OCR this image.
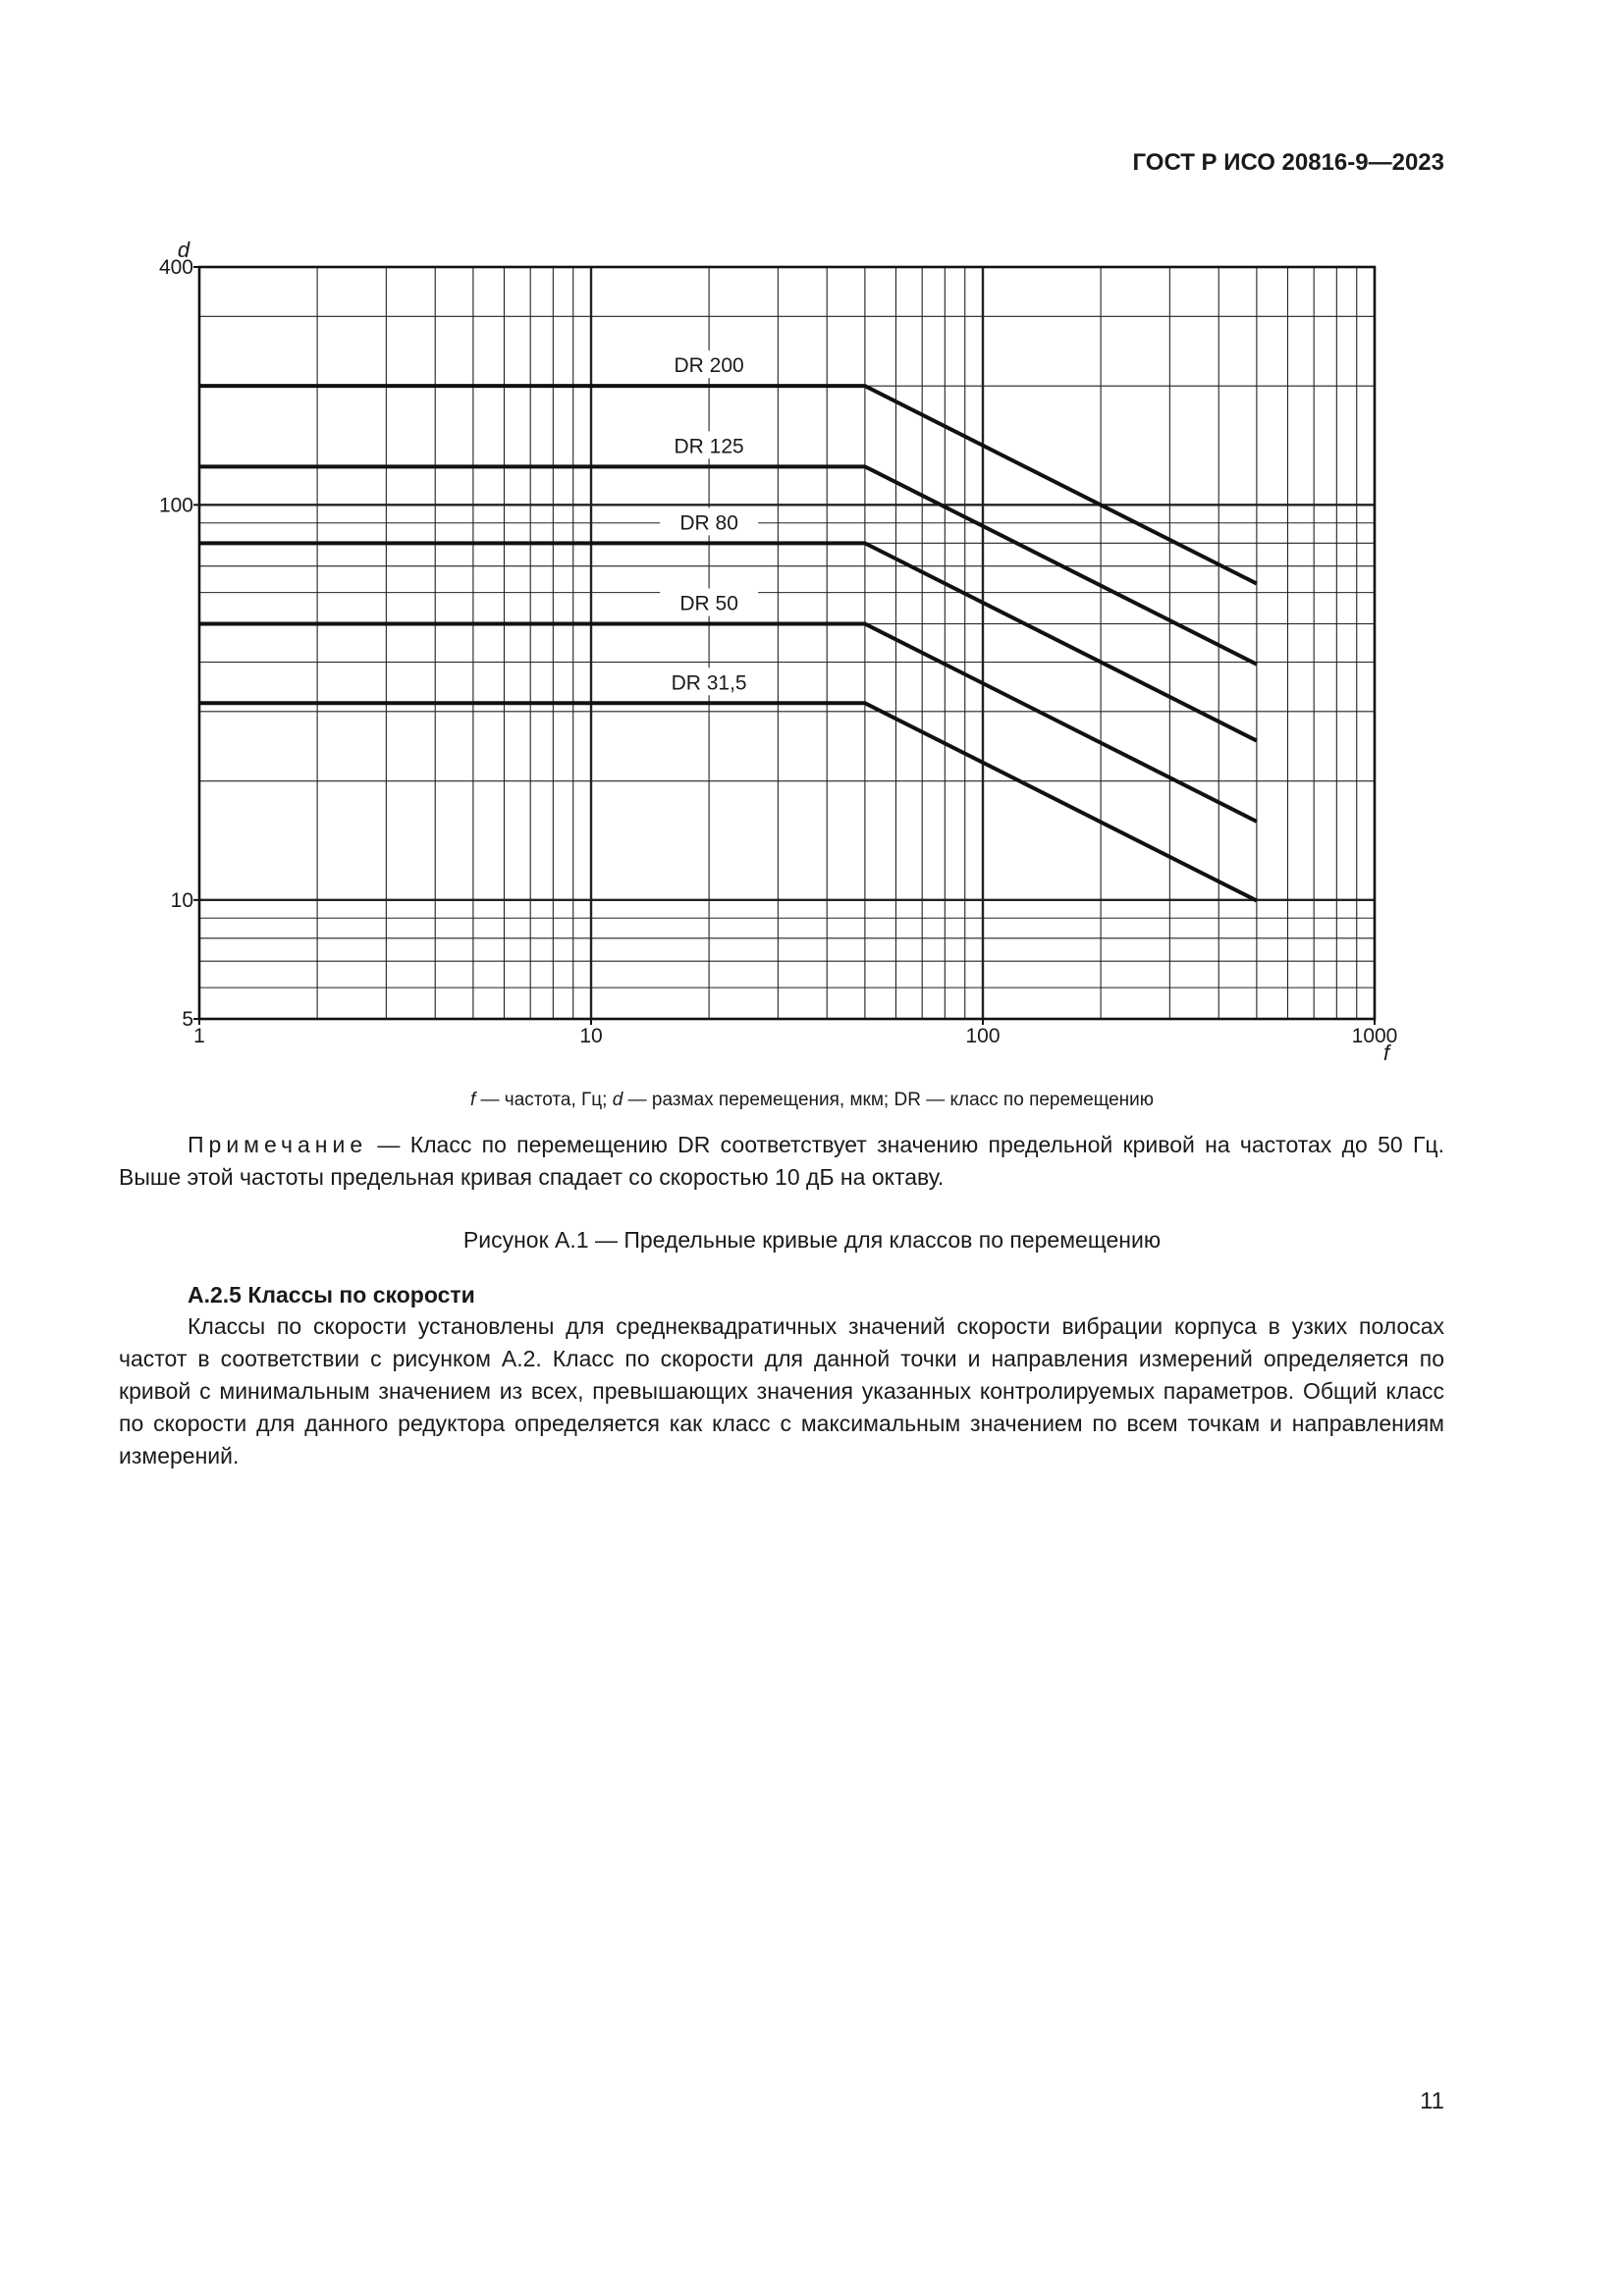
ГОСТ Р ИСО 20816-9—2023
1	10	100	1000
5
10
100
400
d
f
DR 200
DR 125
DR 80
DR 50
DR 31,5
f — частота, Гц; d — размах перемещения, мкм; DR — класс по перемещению
Примечание — Класс по перемещению DR соответствует значению предельной кривой на частотах до 50 Гц. Выше этой частоты предельная кривая спадает со скоростью 10 дБ на октаву.
Рисунок А.1 — Предельные кривые для классов по перемещению
А.2.5 Классы по скорости
Классы по скорости установлены для среднеквадратичных значений скорости вибрации корпуса в узких полосах частот в соответствии с рисунком А.2. Класс по скорости для данной точки и направления измерений определяется по кривой с минимальным значением из всех, превышающих значения указанных контролируемых параметров. Общий класс по скорости для данного редуктора определяется как класс с максимальным значением по всем точкам и направлениям измерений.
11
